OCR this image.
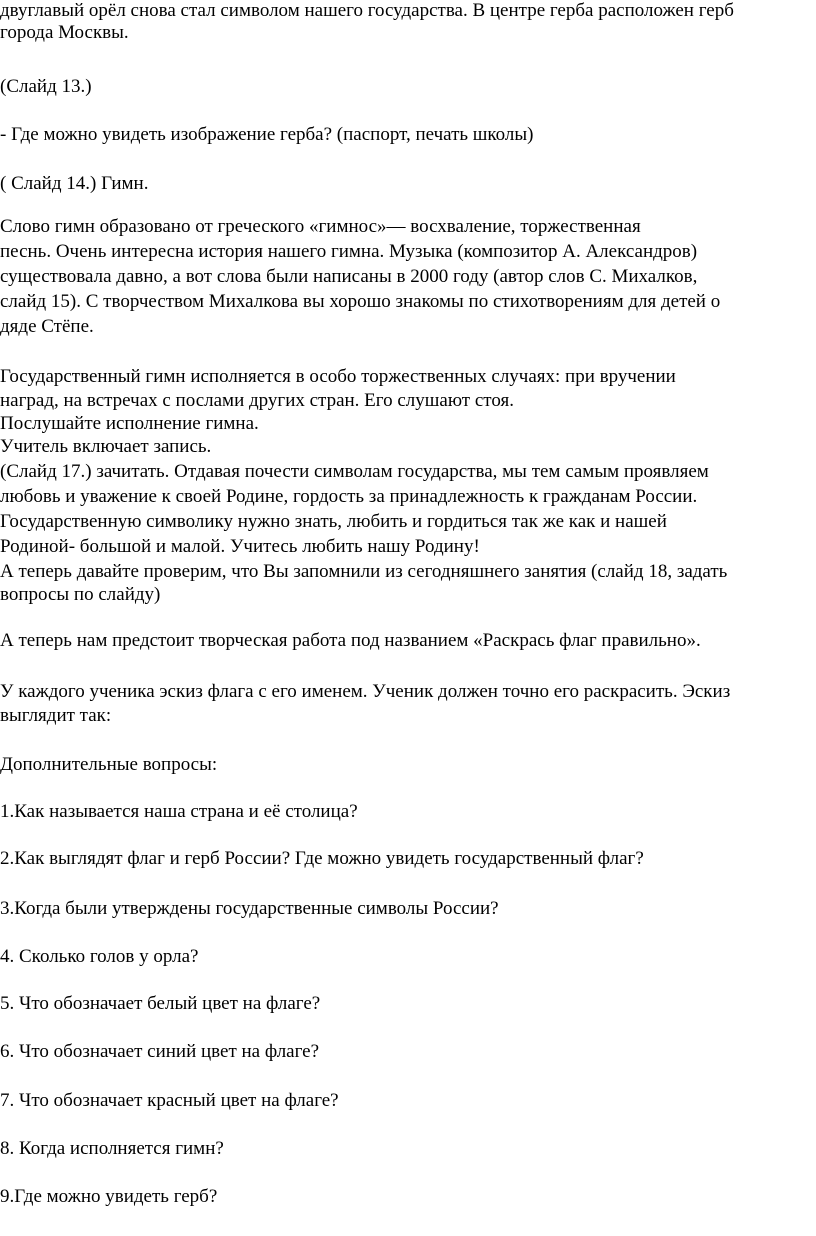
двуглавый орёл снова стал символом нашего государства. В центре герба расположен герб

города Москвы.

(Слайд 13.)

- Где можно увидеть изображение герба? (паспорт, печать школы)

( Слайд 14.) Гимн.

Слово гимн образовано от греческого «гимнос»— восхваление, торжественная

песнь. Очень интересна история нашего гимна. Музыка (композитор А. Александров)

существовала давно, а вот слова были написаны в 2000 году (автор слов С. Михалков,

слайд 15). С творчеством Михалкова вы хорошо знакомы по стихотворениям для детей о

дяде Стёпе.

Государственный гимн исполняется в особо торжественных случаях: при вручении

наград, на встречах с послами других стран. Его слушают стоя.

Послушайте исполнение гимна.

Учитель включает запись.

(Слайд 17.) зачитать. Отдавая почести символам государства, мы тем самым проявляем

любовь и уважение к своей Родине, гордость за принадлежность к гражданам России.

Государственную символику нужно знать, любить и гордиться так же как и нашей

Родиной- большой и малой. Учитесь любить нашу Родину!

А теперь давайте проверим, что Вы запомнили из сегодняшнего занятия (слайд 18, задать

вопросы по слайду)

А теперь нам предстоит творческая работа под названием «Раскрась флаг правильно».

У каждого ученика эскиз флага с его именем. Ученик должен точно его раскрасить. Эскиз

выглядит так:

Дополнительные вопросы:

1.Как называется наша страна и её столица?

2.Как выглядят флаг и герб России? Где можно увидеть государственный флаг?

3.Когда были утверждены государственные символы России?

4. Сколько голов у орла?

5. Что обозначает белый цвет на флаге?

6. Что обозначает синий цвет на флаге?

7. Что обозначает красный цвет на флаге?

8. Когда исполняется гимн?

9.Где можно увидеть герб?
